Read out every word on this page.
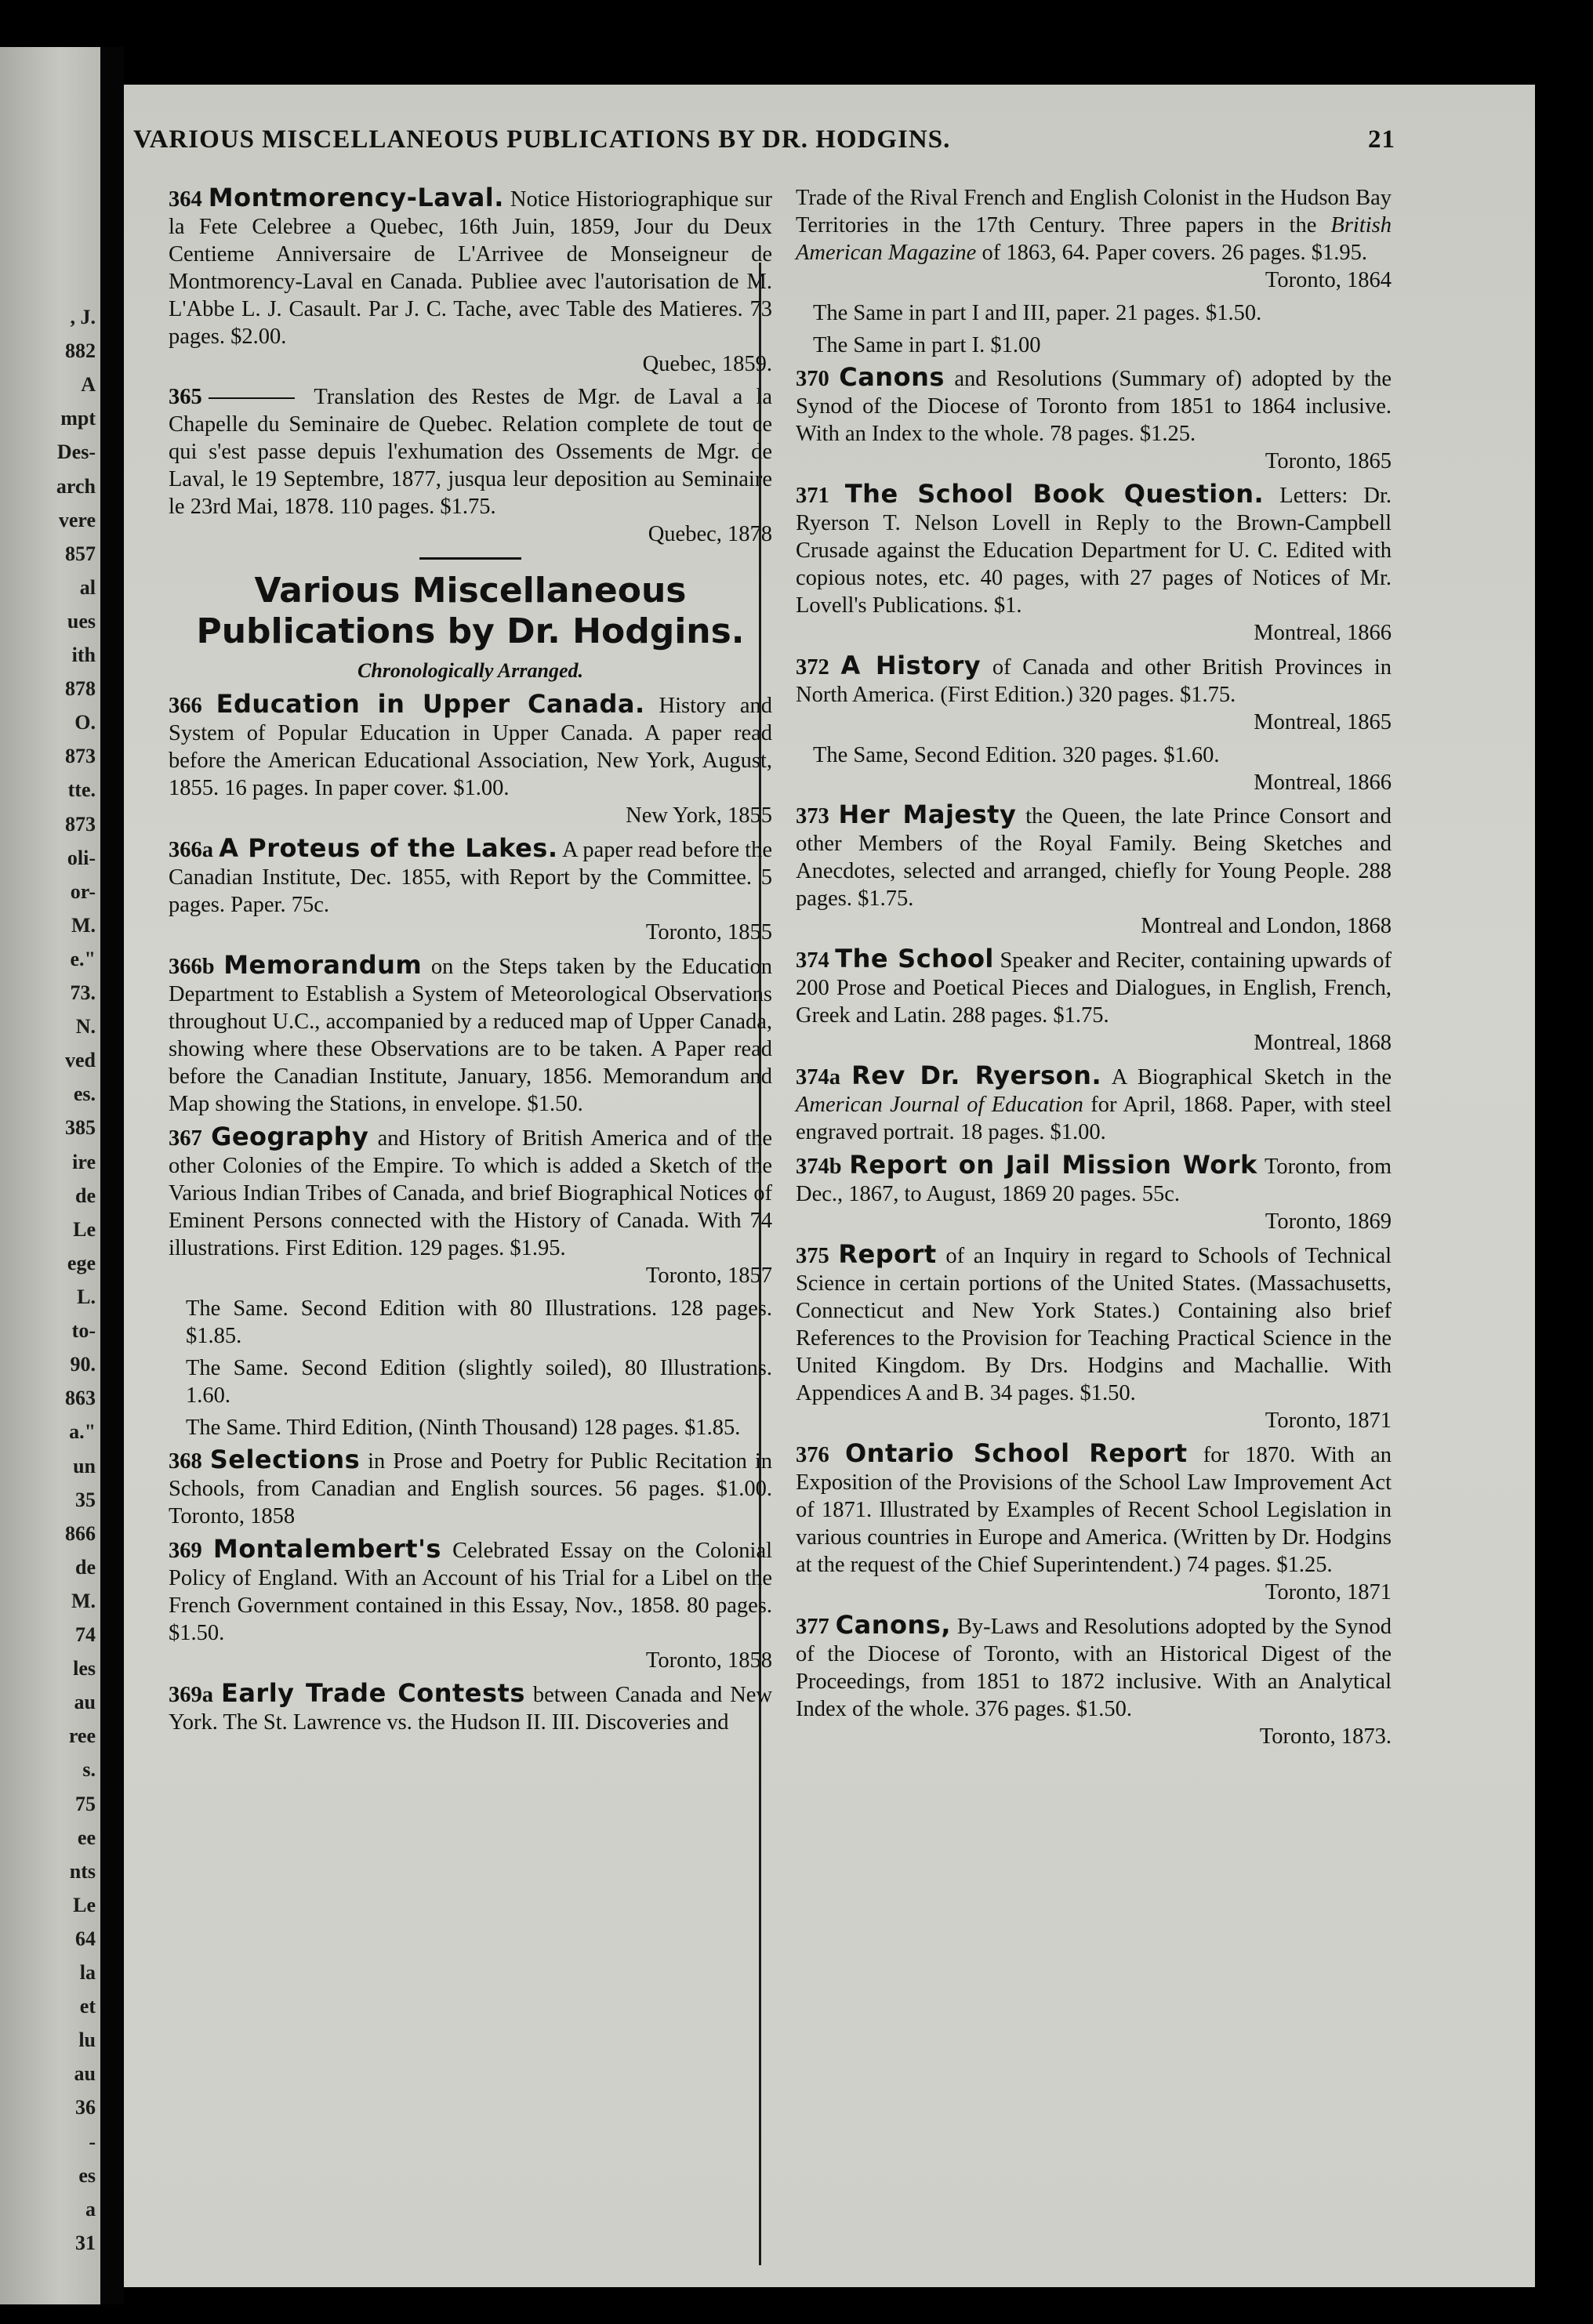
, J.
882
A
mpt
Des-
arch
vere
857
al
ues
ith
878
O.
873
tte.
873
oli-
or-
M.
e."
73.
N.
ved
es.
385
ire
de
Le
ege
L.
to-
90.
863
a."
un
35
866
de
M.
74
les
au
ree
s.
75
ee
nts
Le
64
la
et
lu
au
36
-
es
a
31
VARIOUS MISCELLANEOUS PUBLICATIONS BY DR. HODGINS.	21
364 Montmorency-Laval. Notice Historiographique sur la Fete Celebree a Quebec, 16th Juin, 1859, Jour du Deux Centieme Anniversaire de L'Arrivee de Monseigneur de Montmorency-Laval en Canada. Publiee avec l'autorisation de M. L'Abbe L. J. Casault. Par J. C. Tache, avec Table des Matieres. 73 pages. $2.00.
Quebec, 1859.
365	Translation des Restes de Mgr. de Laval a la Chapelle du Seminaire de Quebec. Relation complete de tout ce qui s'est passe depuis l'exhumation des Ossements de Mgr. de Laval, le 19 Septembre, 1877, jusqua leur deposition au Seminaire le 23rd Mai, 1878. 110 pages. $1.75.
Quebec, 1878
Various Miscellaneous Publications by Dr. Hodgins.
Chronologically Arranged.
366 Education in Upper Canada. History and System of Popular Education in Upper Canada. A paper read before the American Educational Association, New York, August, 1855. 16 pages. In paper cover. $1.00.
New York, 1855
366a A Proteus of the Lakes. A paper read before the Canadian Institute, Dec. 1855, with Report by the Committee. 5 pages. Paper. 75c.
Toronto, 1855
366b Memorandum on the Steps taken by the Education Department to Establish a System of Meteorological Observations throughout U.C., accompanied by a reduced map of Upper Canada, showing where these Observations are to be taken. A Paper read before the Canadian Institute, January, 1856. Memorandum and Map showing the Stations, in envelope. $1.50.
367 Geography and History of British America and of the other Colonies of the Empire. To which is added a Sketch of the Various Indian Tribes of Canada, and brief Biographical Notices of Eminent Persons connected with the History of Canada. With 74 illustrations. First Edition. 129 pages. $1.95.
Toronto, 1857
The Same. Second Edition with 80 Illustrations. 128 pages. $1.85.
The Same. Second Edition (slightly soiled), 80 Illustrations. 1.60.
The Same. Third Edition, (Ninth Thousand) 128 pages. $1.85.
368 Selections in Prose and Poetry for Public Recitation in Schools, from Canadian and English sources. 56 pages. $1.00. Toronto, 1858
369 Montalembert's Celebrated Essay on the Colonial Policy of England. With an Account of his Trial for a Libel on the French Government contained in this Essay, Nov., 1858. 80 pages. $1.50.
Toronto, 1858
369a Early Trade Contests between Canada and New York. The St. Lawrence vs. the Hudson II. III. Discoveries and
Trade of the Rival French and English Colonist in the Hudson Bay Territories in the 17th Century. Three papers in the British American Magazine of 1863, 64. Paper covers. 26 pages. $1.95.
Toronto, 1864
The Same in part I and III, paper. 21 pages. $1.50.
The Same in part I. $1.00
370 Canons and Resolutions (Summary of) adopted by the Synod of the Diocese of Toronto from 1851 to 1864 inclusive. With an Index to the whole. 78 pages. $1.25.
Toronto, 1865
371 The School Book Question. Letters: Dr. Ryerson T. Nelson Lovell in Reply to the Brown-Campbell Crusade against the Education Department for U. C. Edited with copious notes, etc. 40 pages, with 27 pages of Notices of Mr. Lovell's Publications. $1.
Montreal, 1866
372 A History of Canada and other British Provinces in North America. (First Edition.) 320 pages. $1.75.
Montreal, 1865
The Same, Second Edition. 320 pages. $1.60.
Montreal, 1866
373 Her Majesty the Queen, the late Prince Consort and other Members of the Royal Family. Being Sketches and Anecdotes, selected and arranged, chiefly for Young People. 288 pages. $1.75.
Montreal and London, 1868
374 The School Speaker and Reciter, containing upwards of 200 Prose and Poetical Pieces and Dialogues, in English, French, Greek and Latin. 288 pages. $1.75.
Montreal, 1868
374a Rev Dr. Ryerson. A Biographical Sketch in the American Journal of Education for April, 1868. Paper, with steel engraved portrait. 18 pages. $1.00.
374b Report on Jail Mission Work Toronto, from Dec., 1867, to August, 1869 20 pages. 55c.
Toronto, 1869
375 Report of an Inquiry in regard to Schools of Technical Science in certain portions of the United States. (Massachusetts, Connecticut and New York States.) Containing also brief References to the Provision for Teaching Practical Science in the United Kingdom. By Drs. Hodgins and Machallie. With Appendices A and B. 34 pages. $1.50.
Toronto, 1871
376 Ontario School Report for 1870. With an Exposition of the Provisions of the School Law Improvement Act of 1871. Illustrated by Examples of Recent School Legislation in various countries in Europe and America. (Written by Dr. Hodgins at the request of the Chief Superintendent.) 74 pages. $1.25.
Toronto, 1871
377 Canons, By-Laws and Resolutions adopted by the Synod of the Diocese of Toronto, with an Historical Digest of the Proceedings, from 1851 to 1872 inclusive. With an Analytical Index of the whole. 376 pages. $1.50.
Toronto, 1873.
